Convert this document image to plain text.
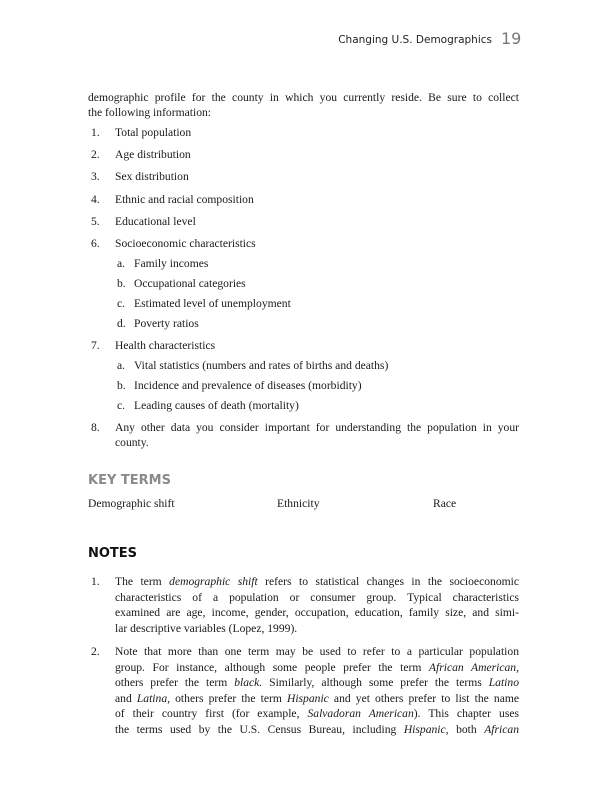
Changing U.S. Demographics 19
demographic profile for the county in which you currently reside. Be sure to collect
the following information:
1. Total population
2. Age distribution
3. Sex distribution
4. Ethnic and racial composition
5. Educational level
6. Socioeconomic characteristics
a. Family incomes
b. Occupational categories
c. Estimated level of unemployment
d. Poverty ratios
7. Health characteristics
a. Vital statistics (numbers and rates of births and deaths)
b. Incidence and prevalence of diseases (morbidity)
c. Leading causes of death (mortality)
8. Any other data you consider important for understanding the population in your
county.
KEY TERMS
Demographic shift	Ethnicity	Race
NOTES
1. The term demographic shift refers to statistical changes in the socioeconomic
characteristics of a population or consumer group. Typical characteristics
examined are age, income, gender, occupation, education, family size, and simi-
lar descriptive variables (Lopez, 1999).
2. Note that more than one term may be used to refer to a particular population
group. For instance, although some people prefer the term African American,
others prefer the term black. Similarly, although some prefer the terms Latino
and Latina, others prefer the term Hispanic and yet others prefer to list the name
of their country first (for example, Salvadoran American). This chapter uses
the terms used by the U.S. Census Bureau, including Hispanic, both African
